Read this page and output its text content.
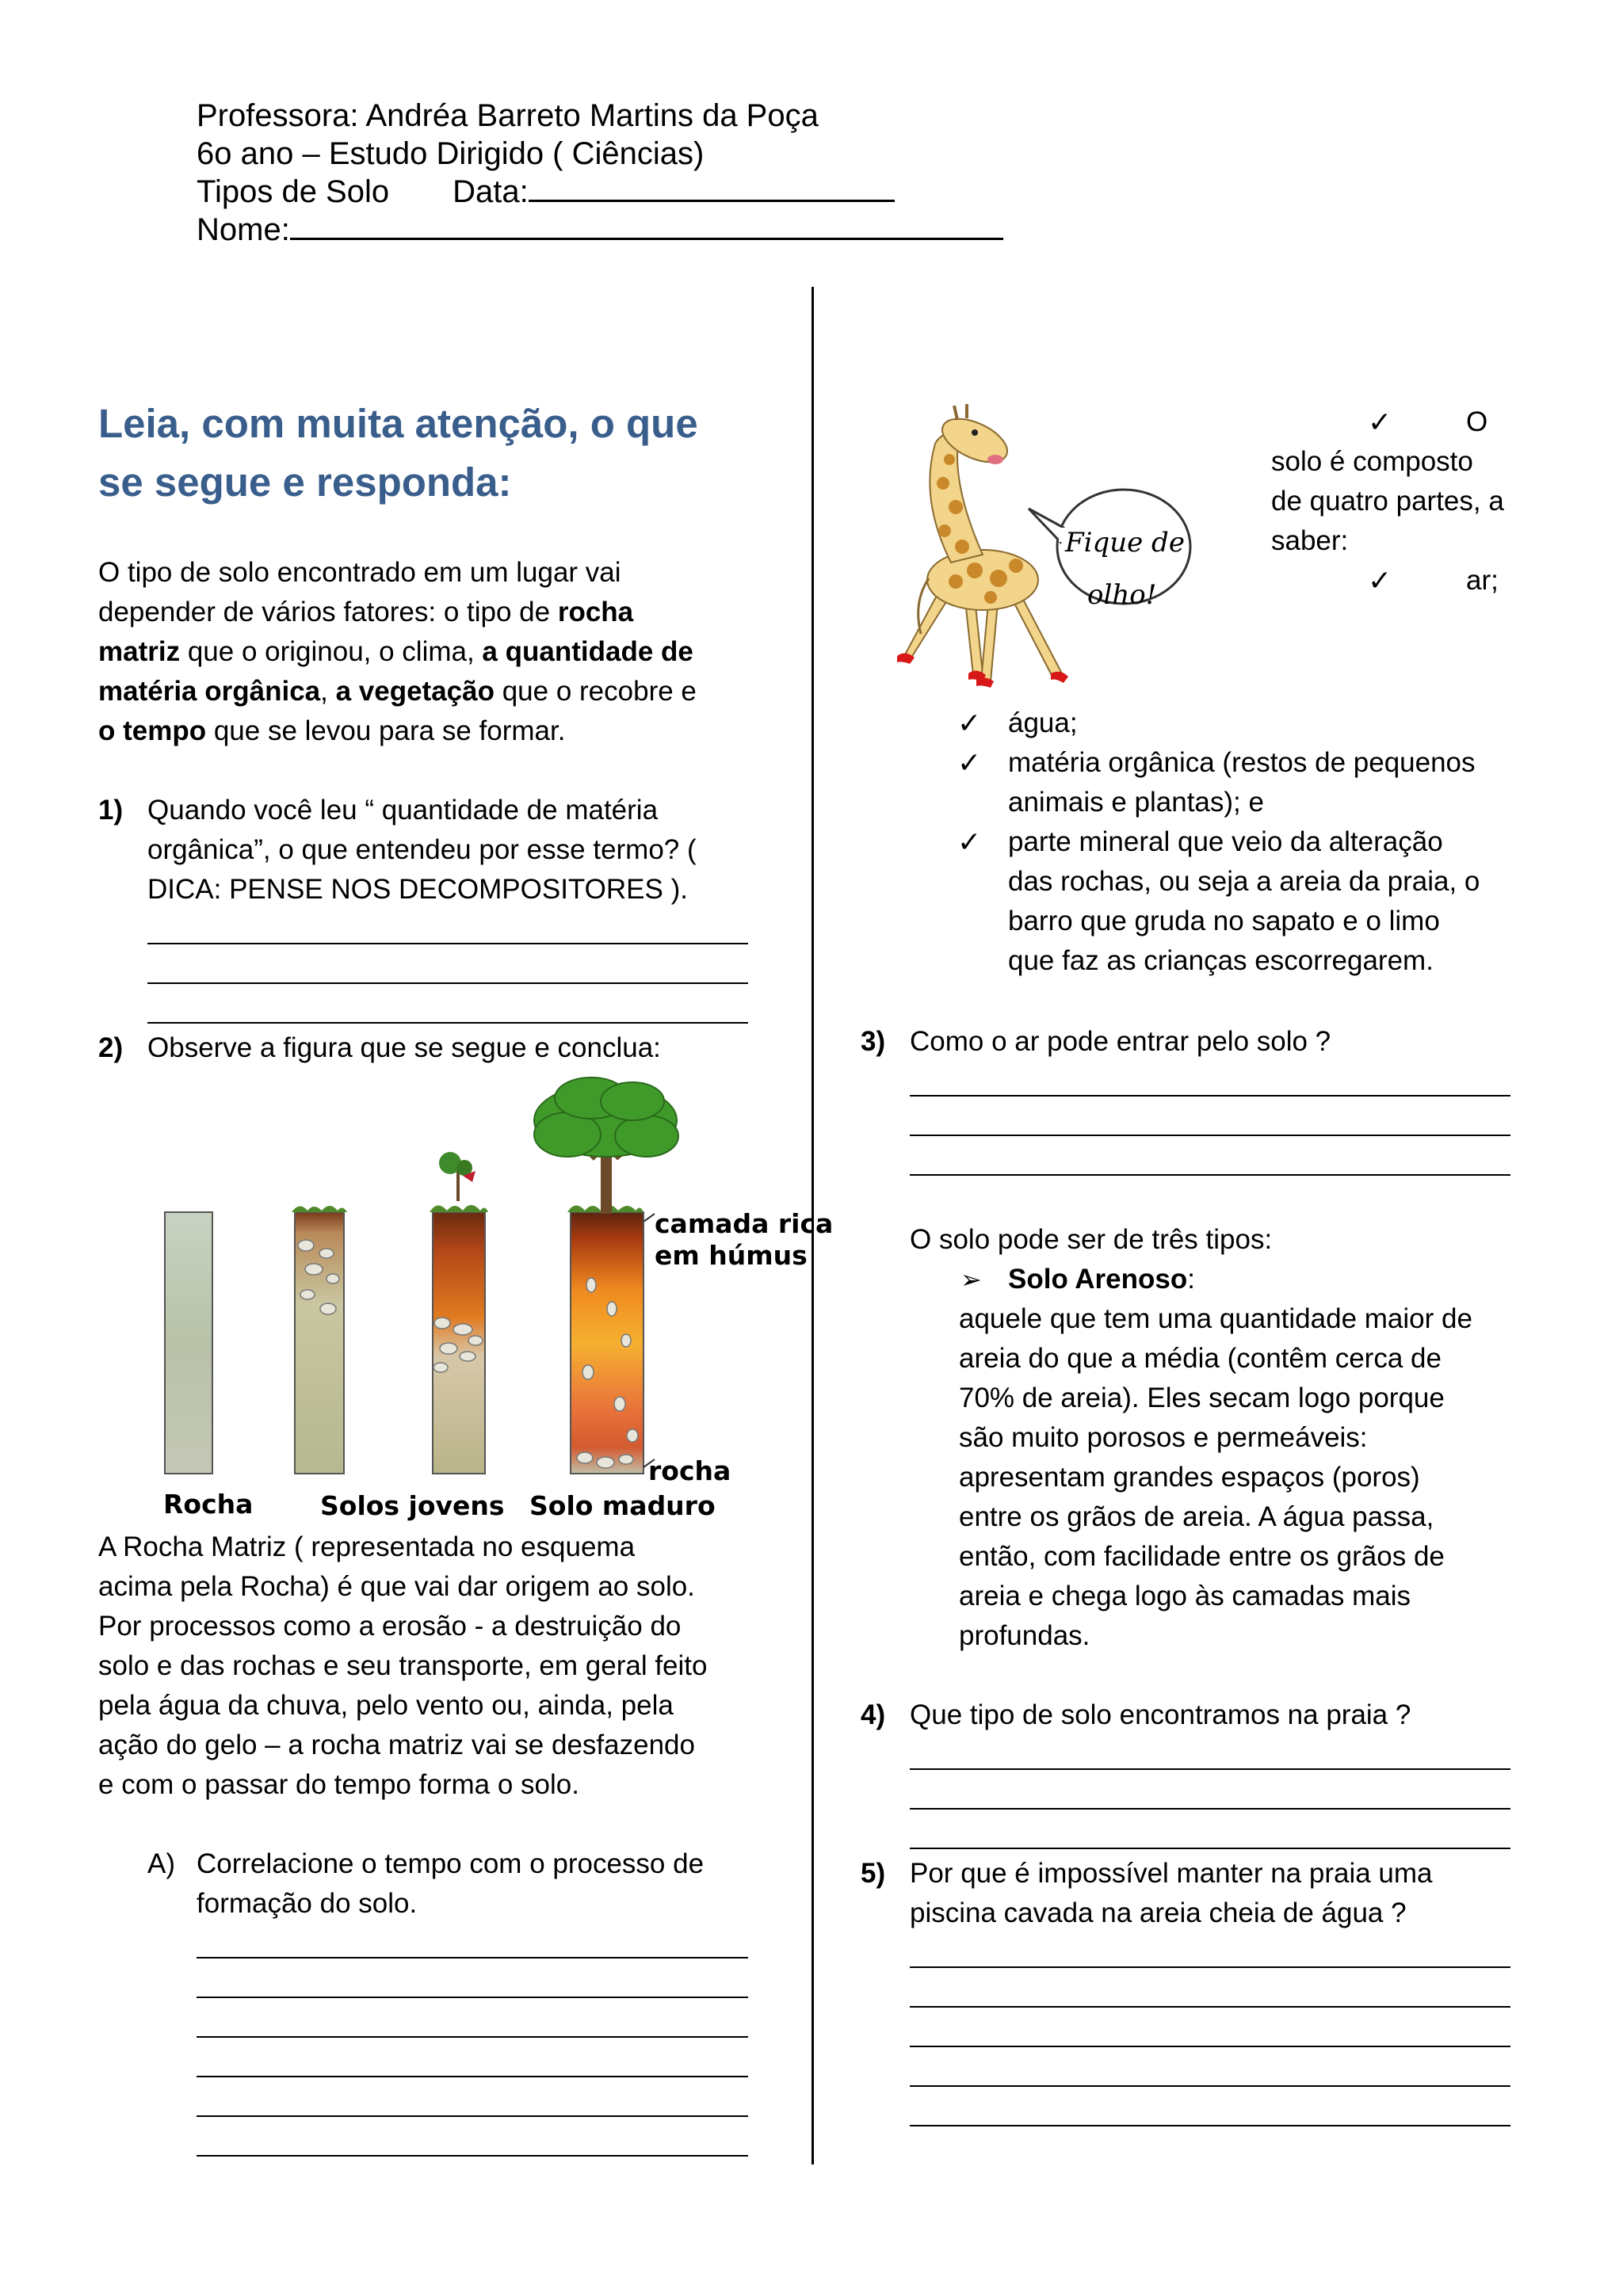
Professora: Andréa Barreto Martins da Poça
6o ano – Estudo Dirigido ( Ciências)
Tipos de Solo Data:
Nome:
Leia, com muita atenção, o que
se segue e responda:
O tipo de solo encontrado em um lugar vai
depender de vários fatores: o tipo de rocha
matriz que o originou, o clima, a quantidade de
matéria orgânica, a vegetação que o recobre e
o tempo que se levou para se formar.
1) Quando você leu “ quantidade de matéria
orgânica”, o que entendeu por esse termo? (
DICA: PENSE NOS DECOMPOSITORES ).
2) Observe a figura que se segue e conclua:
camada rica
em húmus
rocha
Rocha	Solos jovens Solo maduro
A Rocha Matriz ( representada no esquema
acima pela Rocha) é que vai dar origem ao solo.
Por processos como a erosão - a destruição do
solo e das rochas e seu transporte, em geral feito
pela água da chuva, pelo vento ou, ainda, pela
ação do gelo – a rocha matriz vai se desfazendo
e com o passar do tempo forma o solo.
A) Correlacione o tempo com o processo de
formação do solo.
Fique de
olho!
✓	O
solo é composto
de quatro partes, a
saber:
✓	ar;
✓ água;
✓ matéria orgânica (restos de pequenos
animais e plantas); e
✓ parte mineral que veio da alteração
das rochas, ou seja a areia da praia, o
barro que gruda no sapato e o limo
que faz as crianças escorregarem.
3) Como o ar pode entrar pelo solo ?
O solo pode ser de três tipos:
➢ Solo Arenoso:
aquele que tem uma quantidade maior de
areia do que a média (contêm cerca de
70% de areia). Eles secam logo porque
são muito porosos e permeáveis:
apresentam grandes espaços (poros)
entre os grãos de areia. A água passa,
então, com facilidade entre os grãos de
areia e chega logo às camadas mais
profundas.
4) Que tipo de solo encontramos na praia ?
5) Por que é impossível manter na praia uma
piscina cavada na areia cheia de água ?
